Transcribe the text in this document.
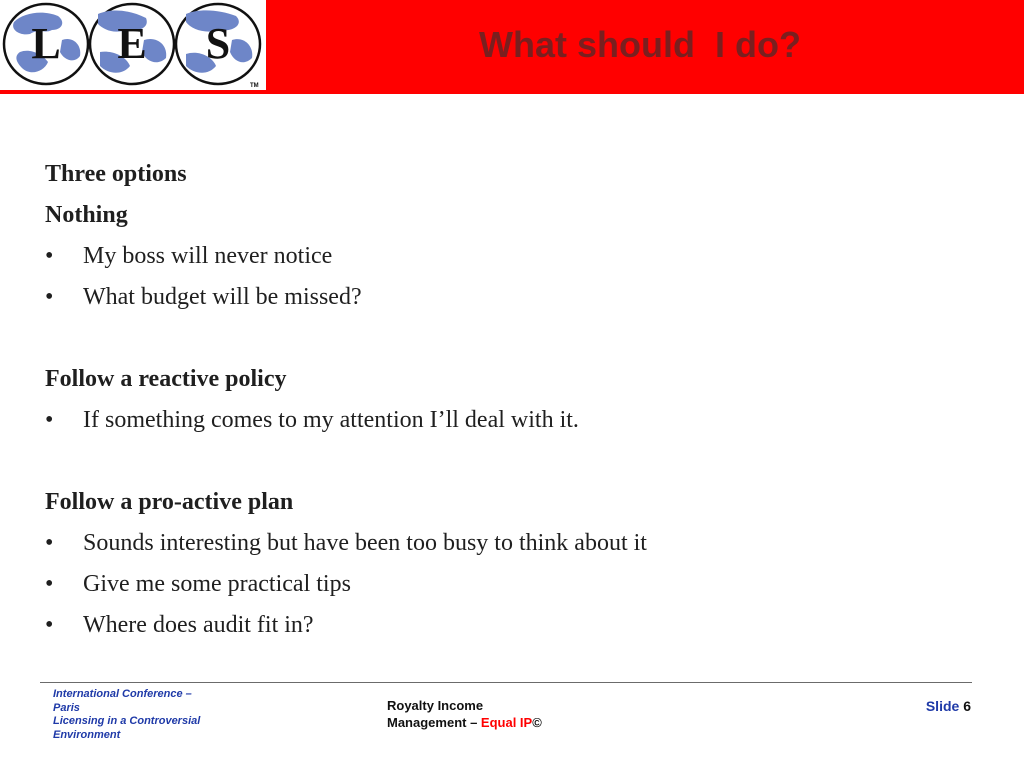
L E S
TM
What should  I do?
Three options
Nothing
• My boss will never notice
• What budget will be missed?
Follow a reactive policy
• If something comes to my attention I’ll deal with it.
Follow a pro-active plan
• Sounds interesting but have been too busy to think about it
• Give me some practical tips
• Where does audit fit in?
International Conference –
Paris
Licensing in a Controversial
Environment
Royalty Income
Management – Equal IP©
Slide 6
